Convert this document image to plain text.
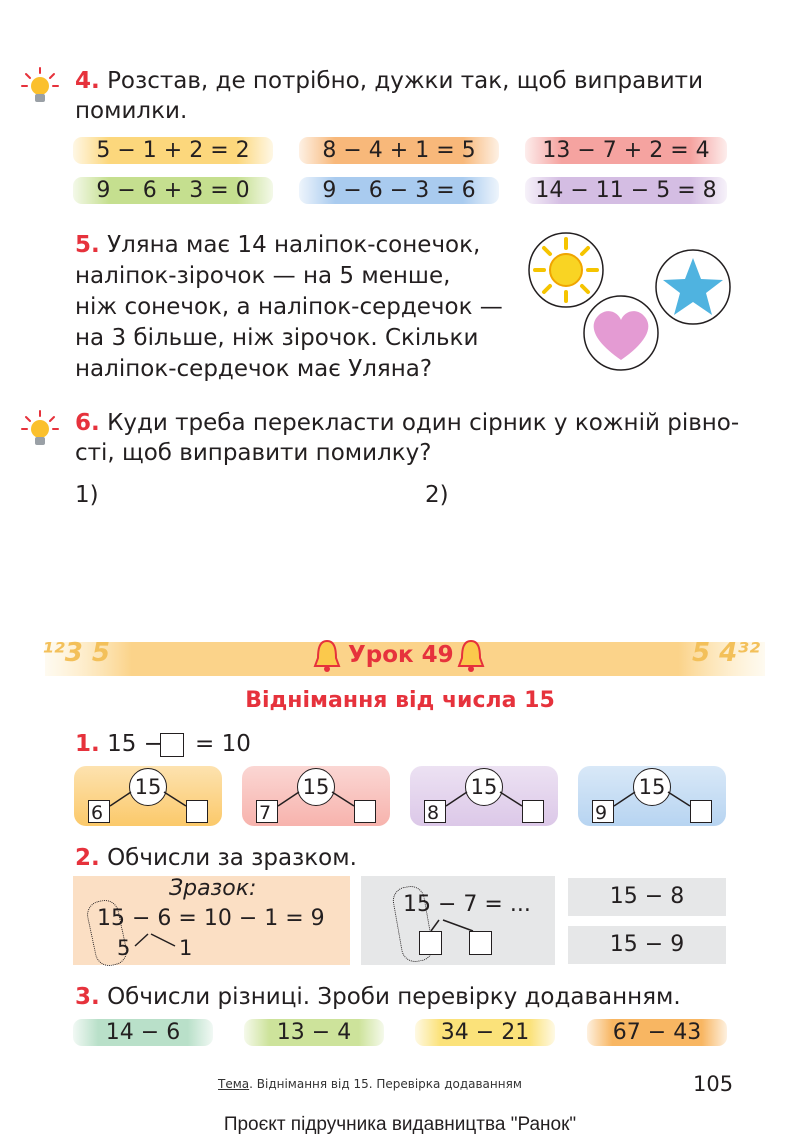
4. Розстав, де потрібно, дужки так, щоб виправити
помилки.
5 − 1 + 2 = 2	8 − 4 + 1 = 5	13 − 7 + 2 = 4
9 − 6 + 3 = 0	9 − 6 − 3 = 6	14 − 11 − 5 = 8
5. Уляна має 14 наліпок-сонечок,
наліпок-зірочок — на 5 менше,
ніж сонечок, а наліпок-сердечок —
на 3 більше, ніж зірочок. Скільки
наліпок-сердечок має Уляна?
6. Куди треба перекласти один сірник у кожній рівно-
сті, щоб виправити помилку?
1)	2)
¹²3 5	5 4³²
Урок 49
Віднімання від числа 15
1. 15 − = 10
15
6
15
7
15
8
15
9
2. Обчисли за зразком.
Зразок:
15 − 6 = 10 − 1 = 9
5 1
15 − 7 = ...	15 − 8
15 − 9
3. Обчисли різниці. Зроби перевірку додаванням.
14 − 6	13 − 4	34 − 21	67 − 43
Тема. Віднімання від 15. Перевірка додаванням	105
Проєкт підручника видавництва "Ранок"
